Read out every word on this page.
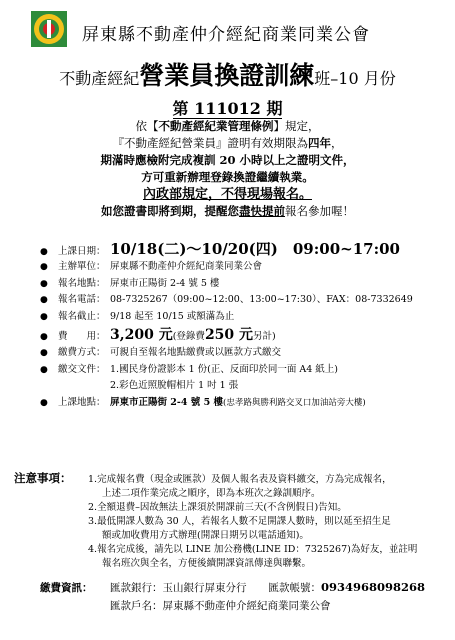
屏東縣不動產仲介經紀商業同業公會
不動產經紀營業員換證訓練班–10 月份
第 111012 期
依【不動產經紀業管理條例】規定，
『不動產經紀營業員』證明有效期限為四年，
期滿時應檢附完成複訓 20 小時以上之證明文件，
方可重新辦理登錄換證繼續執業。
內政部規定，不得現場報名。
如您證書即將到期，提醒您盡快提前報名參加喔！
●	上課日期： 10/18(二)～10/20(四)　09:00~17:00
●	主辦單位： 屏東縣不動產仲介經紀商業同業公會
●	報名地點： 屏東市正陽街 2-4 號 5 樓
●	報名電話： 08-7325267（09:00~12:00、13:00~17:30）、FAX：08-7332649
●	報名截止： 9/18 起至 10/15 或額滿為止
●	費　　用： 3,200 元 (登錄費 250 元 另計)
●	繳費方式： 可親自至報名地點繳費或以匯款方式繳交
●	繳交文件： 1.國民身份證影本 1 份(正、反面印於同一面 A4 紙上)
2.彩色近照脫帽相片 1 吋 1 張
●	上課地點： 屏東市正陽街 2-4 號 5 樓 (忠孝路與勝利路交叉口加油站旁大樓)
注意事項： 1.完成報名費（現金或匯款）及個人報名表及資料繳交，方為完成報名，
上述二項作業完成之順序，即為本班次之錄訓順序。
2.全額退費–因故無法上課須於開課前三天(不含例假日)告知。
3.最低開課人數為 30 人，若報名人數不足開課人數時，則以延至招生足
額或加收費用方式辦理(開課日期另以電話通知)。
4.報名完成後，請先以 LINE 加公務機(LINE ID：7325267)為好友，並註明
報名班次與全名，方便後續開課資訊傳達與聯繫。
繳費資訊：	匯款銀行： 玉山銀行屏東分行 匯款帳號： 0934968098268
匯款戶名： 屏東縣不動產仲介經紀商業同業公會
